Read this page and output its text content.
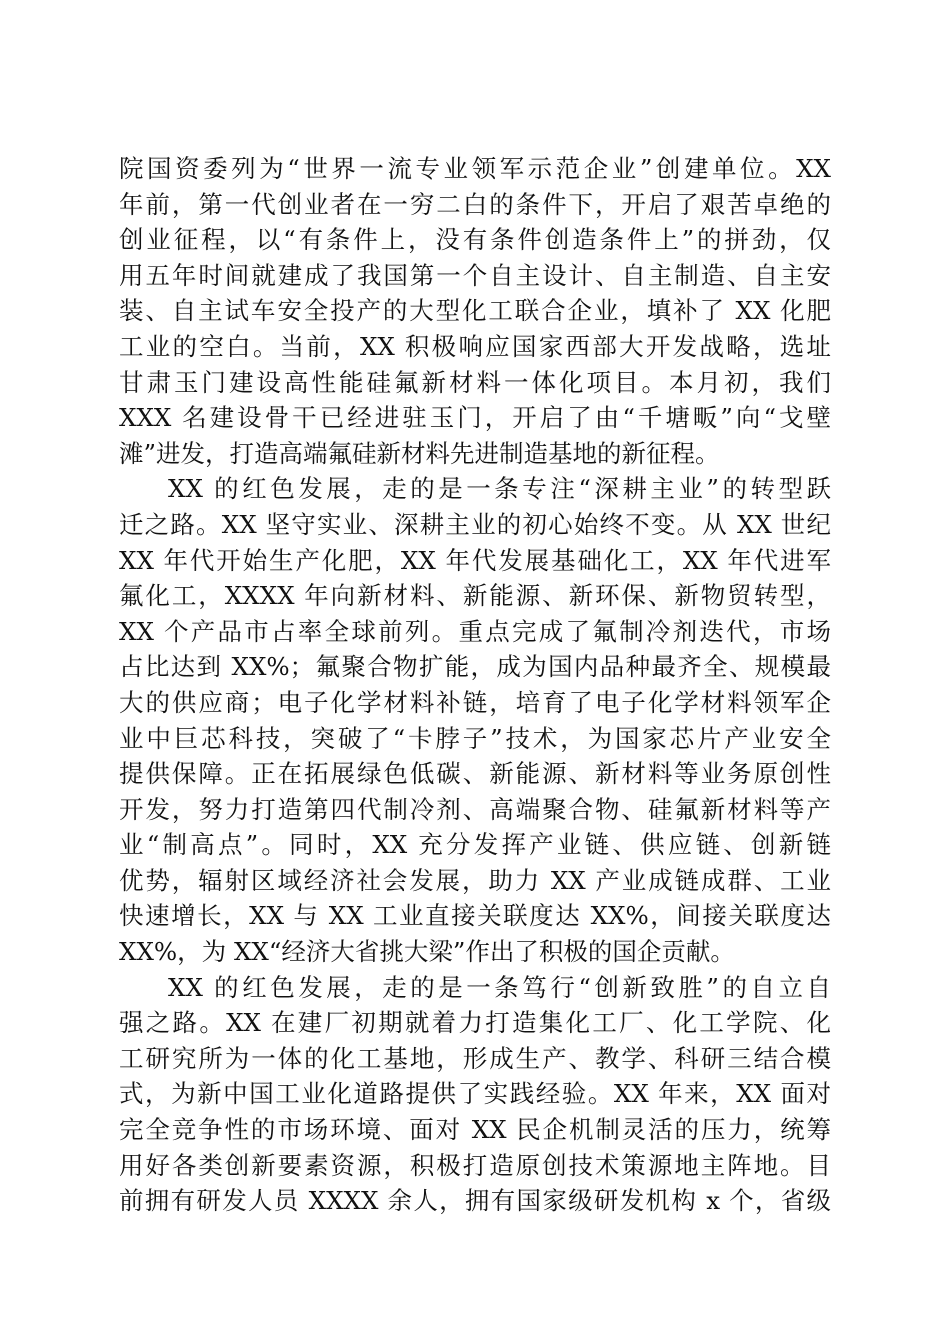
院国资委列为“世界一流专业领军示范企业”创建单位。XX
年前，第一代创业者在一穷二白的条件下，开启了艰苦卓绝的
创业征程，以“有条件上，没有条件创造条件上”的拼劲，仅
用五年时间就建成了我国第一个自主设计、自主制造、自主安
装、自主试车安全投产的大型化工联合企业，填补了 XX 化肥
工业的空白。当前，XX 积极响应国家西部大开发战略，选址
甘肃玉门建设高性能硅氟新材料一体化项目。本月初，我们
XXX 名建设骨干已经进驻玉门，开启了由“千塘畈”向“戈壁
滩”进发，打造高端氟硅新材料先进制造基地的新征程。
XX 的红色发展，走的是一条专注“深耕主业”的转型跃
迁之路。XX 坚守实业、深耕主业的初心始终不变。从 XX 世纪
XX 年代开始生产化肥，XX 年代发展基础化工，XX 年代进军
氟化工，XXXX 年向新材料、新能源、新环保、新物贸转型，
XX 个产品市占率全球前列。重点完成了氟制冷剂迭代，市场
占比达到 XX%；氟聚合物扩能，成为国内品种最齐全、规模最
大的供应商；电子化学材料补链，培育了电子化学材料领军企
业中巨芯科技，突破了“卡脖子”技术，为国家芯片产业安全
提供保障。正在拓展绿色低碳、新能源、新材料等业务原创性
开发，努力打造第四代制冷剂、高端聚合物、硅氟新材料等产
业“制高点”。同时，XX 充分发挥产业链、供应链、创新链
优势，辐射区域经济社会发展，助力 XX 产业成链成群、工业
快速增长，XX 与 XX 工业直接关联度达 XX%，间接关联度达
XX%，为 XX“经济大省挑大梁”作出了积极的国企贡献。
XX 的红色发展，走的是一条笃行“创新致胜”的自立自
强之路。XX 在建厂初期就着力打造集化工厂、化工学院、化
工研究所为一体的化工基地，形成生产、教学、科研三结合模
式，为新中国工业化道路提供了实践经验。XX 年来，XX 面对
完全竞争性的市场环境、面对 XX 民企机制灵活的压力，统筹
用好各类创新要素资源，积极打造原创技术策源地主阵地。目
前拥有研发人员 XXXX 余人，拥有国家级研发机构 x 个，省级
